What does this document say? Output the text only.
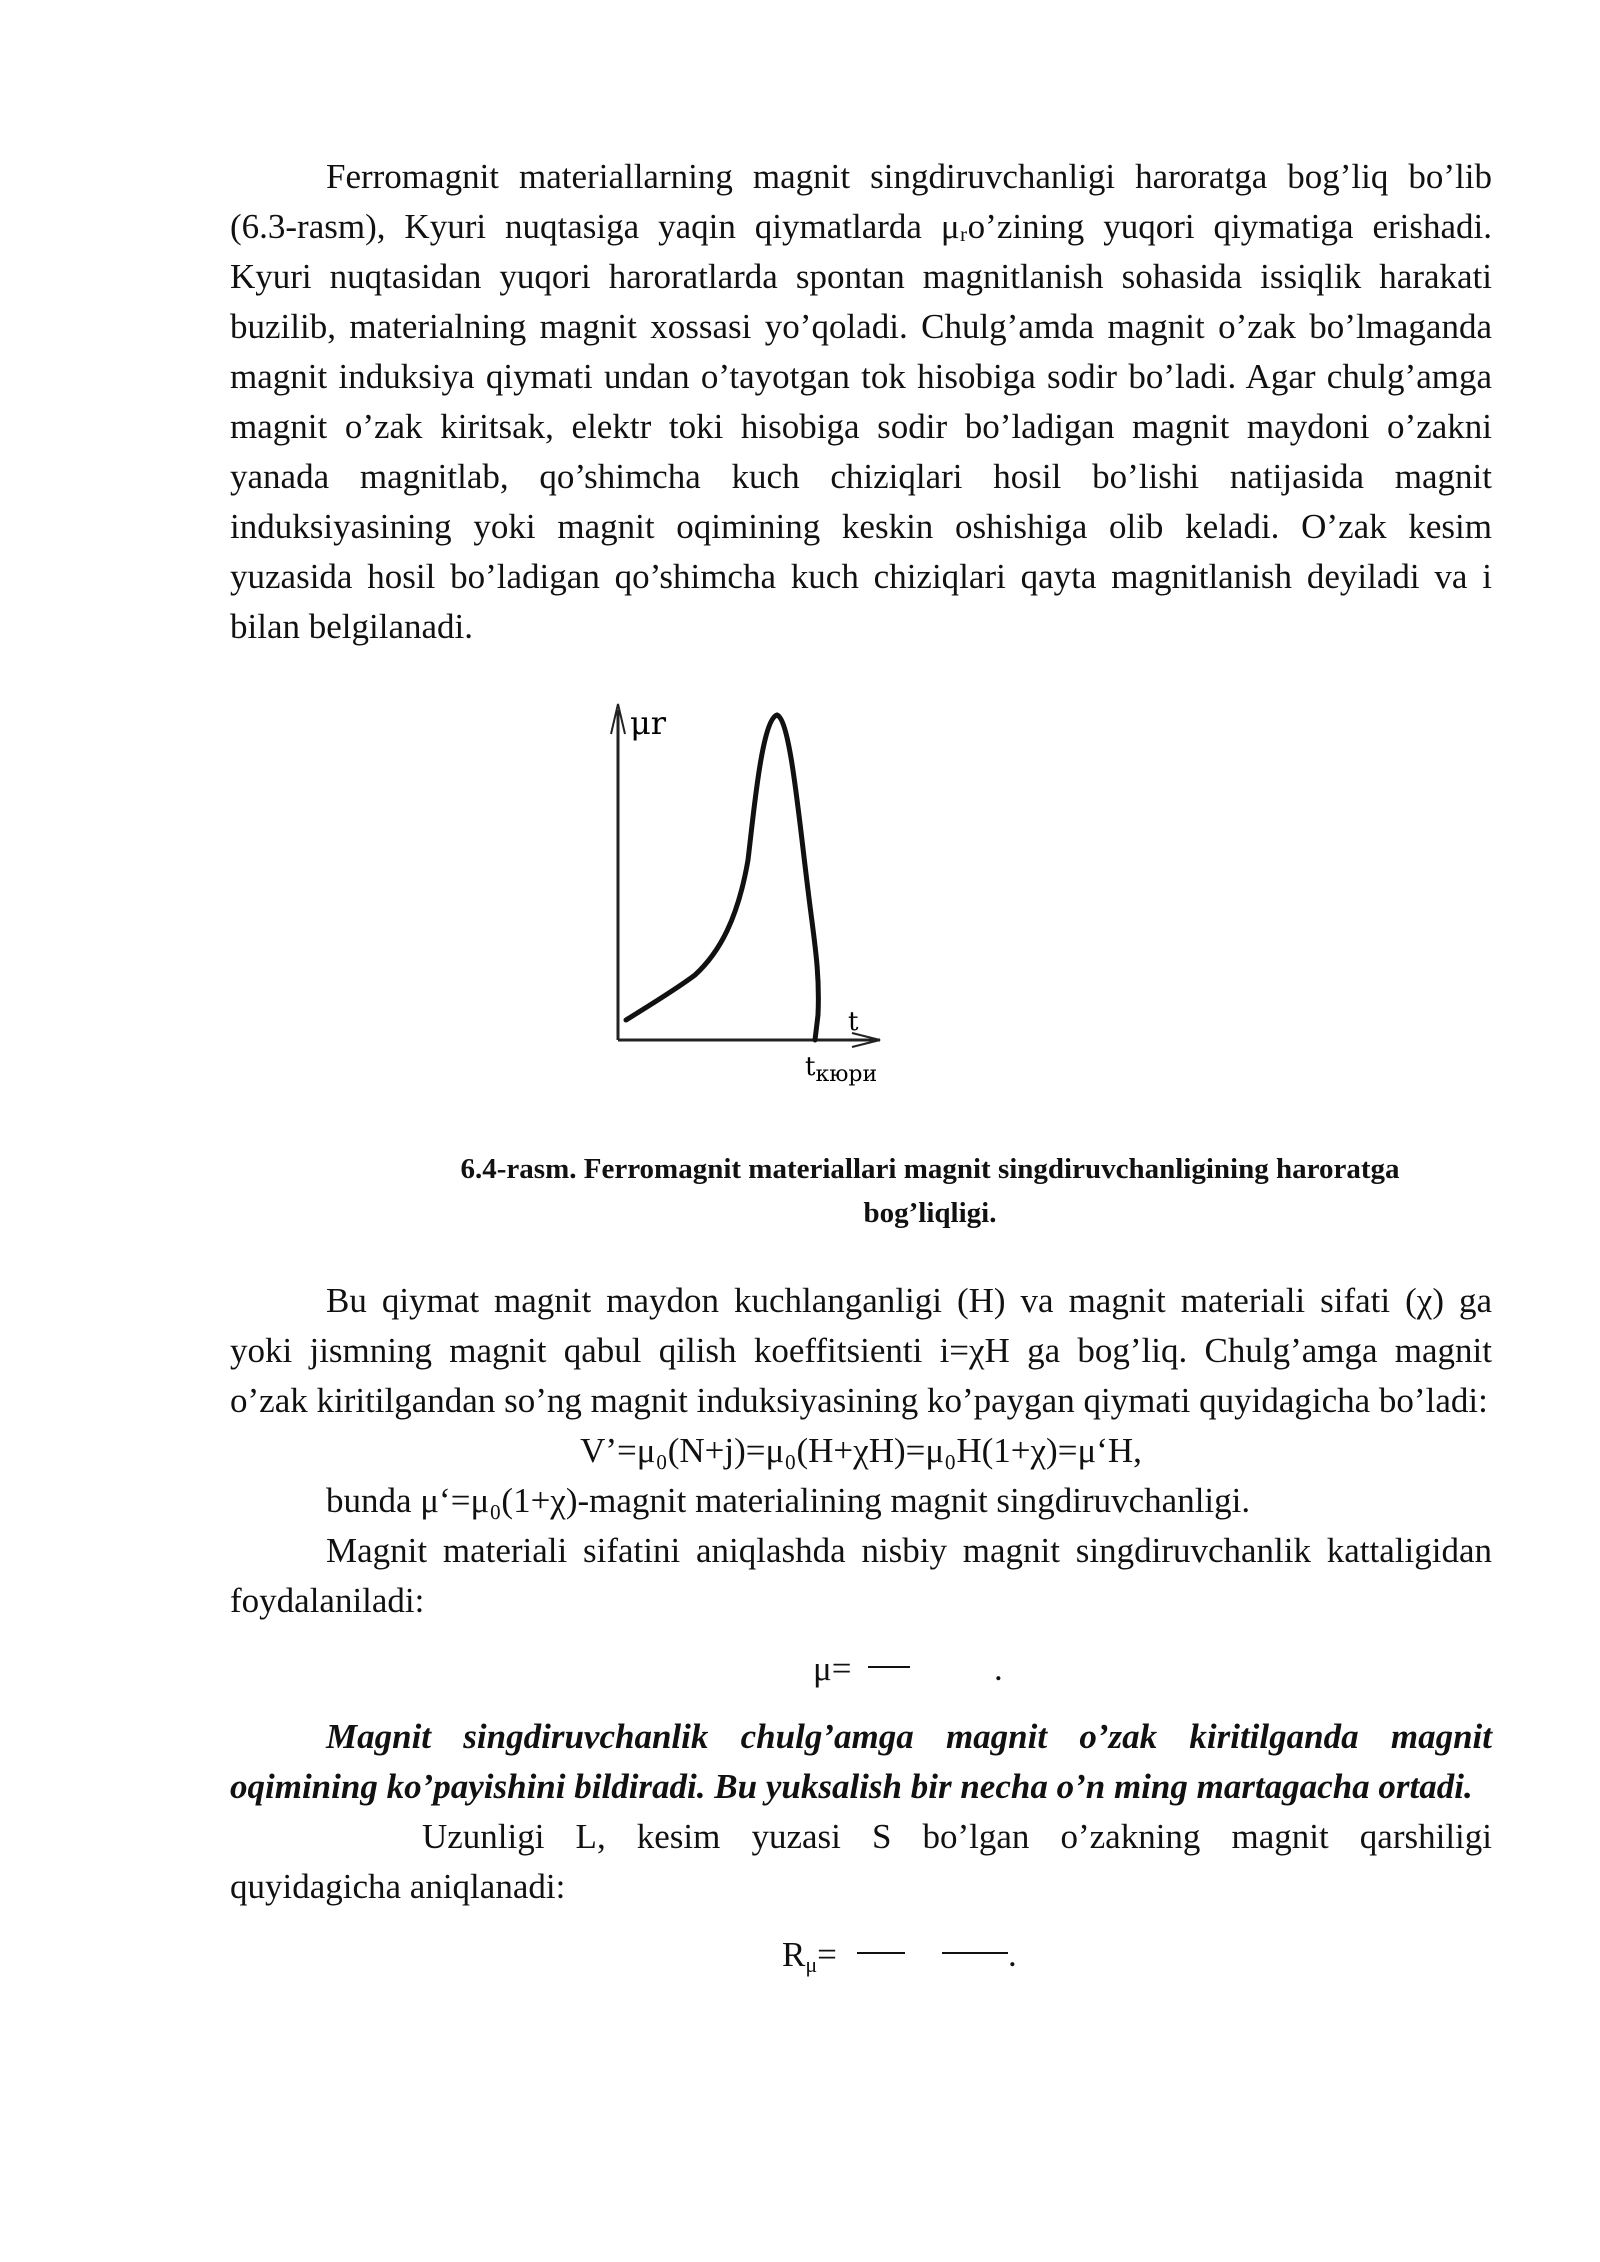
Ferromagnit materiallarning magnit singdiruvchanligi haroratga bog’liq bo’lib (6.3-rasm), Kyuri nuqtasiga yaqin qiymatlarda μᵣo’zining yuqori qiymatiga erishadi. Kyuri nuqtasidan yuqori haroratlarda spontan magnitlanish sohasida issiqlik harakati buzilib, materialning magnit xossasi yo’qoladi. Chulg’amda magnit o’zak bo’lmaganda magnit induksiya qiymati undan o’tayotgan tok hisobiga sodir bo’ladi. Agar chulg’amga magnit o’zak kiritsak, elektr toki hisobiga sodir bo’ladigan magnit maydoni o’zakni yanada magnitlab, qo’shimcha kuch chiziqlari hosil bo’lishi natijasida magnit induksiyasining yoki magnit oqimining keskin oshishiga olib keladi. O’zak kesim yuzasida hosil bo’ladigan qo’shimcha kuch chiziqlari qayta magnitlanish deyiladi va i bilan belgilanadi.

μr
t
$t_{кюри}$
6.4-rasm. Ferromagnit materiallari magnit singdiruvchanligining haroratga
bog’liqligi.

Bu qiymat magnit maydon kuchlanganligi (H) va magnit materiali sifati (χ) ga yoki jismning magnit qabul qilish koeffitsienti i=χH ga bog’liq. Chulg’amga magnit o’zak kiritilgandan so’ng magnit induksiyasining ko’paygan qiymati quyidagicha bo’ladi:

V’=μ₀(N+j)=μ₀(H+χH)=μ₀H(1+χ)=μ‘H,

bunda μ‘=μ₀(1+χ)-magnit materialining magnit singdiruvchanligi.

Magnit materiali sifatini aniqlashda nisbiy magnit singdiruvchanlik kattaligidan foydalaniladi:

μ=	.

Magnit singdiruvchanlik chulg’amga magnit o’zak kiritilganda magnit oqimining ko’payishini bildiradi. Bu yuksalish bir necha o’n ming martagacha ortadi.

Uzunligi L, kesim yuzasi S bo’lgan o’zakning magnit qarshiligi quyidagicha aniqlanadi:

$R_\mu=$	.
